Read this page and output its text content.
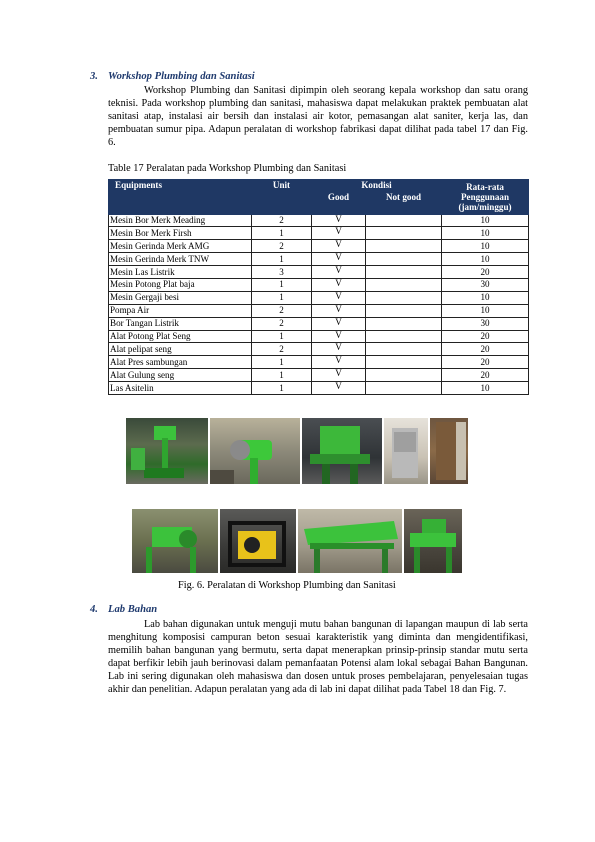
3. Workshop Plumbing dan Sanitasi

Workshop Plumbing dan Sanitasi dipimpin oleh seorang kepala workshop dan satu orang teknisi. Pada workshop plumbing dan sanitasi, mahasiswa dapat melakukan praktek pembuatan alat sanitasi atap, instalasi air bersih dan instalasi air kotor, pemasangan alat saniter, kerja las, dan pembuatan sumur pipa. Adapun peralatan di workshop fabrikasi dapat dilihat pada tabel 17 dan Fig. 6.

Table 17 Peralatan pada Workshop Plumbing dan Sanitasi
Equipments	Unit	Kondisi		Rata-rata Penggunaan (jam/minggu)
		Good	Not good	
Mesin Bor Merk Meading	2	V		10
Mesin Bor Merk Firsh	1	V		10
Mesin Gerinda Merk AMG	2	V		10
Mesin Gerinda Merk TNW	1	V		10
Mesin Las Listrik	3	V		20
Mesin Potong Plat baja	1	V		30
Mesin Gergaji besi	1	V		10
Pompa Air	2	V		10
Bor Tangan Listrik	2	V		30
Alat Potong Plat Seng	1	V		20
Alat pelipat seng	2	V		20
Alat Pres sambungan	1	V		20
Alat Gulung seng	1	V		20
Las Asitelin	1	V		10
Fig. 6. Peralatan di Workshop Plumbing dan Sanitasi
4. Lab Bahan

Lab bahan digunakan untuk menguji mutu bahan bangunan di lapangan maupun di lab serta menghitung komposisi campuran beton sesuai karakteristik yang diminta dan mengidentifikasi, memilih bahan bangunan yang bermutu, serta dapat menerapkan prinsip-prinsip standar mutu serta dapat berfikir lebih jauh berinovasi dalam pemanfaatan Potensi alam lokal sebagai Bahan Bangunan. Lab ini sering digunakan oleh mahasiswa dan dosen untuk proses pembelajaran, penyelesaian tugas akhir dan penelitian. Adapun peralatan yang ada di lab ini dapat dilihat pada Tabel 18 dan Fig. 7.
